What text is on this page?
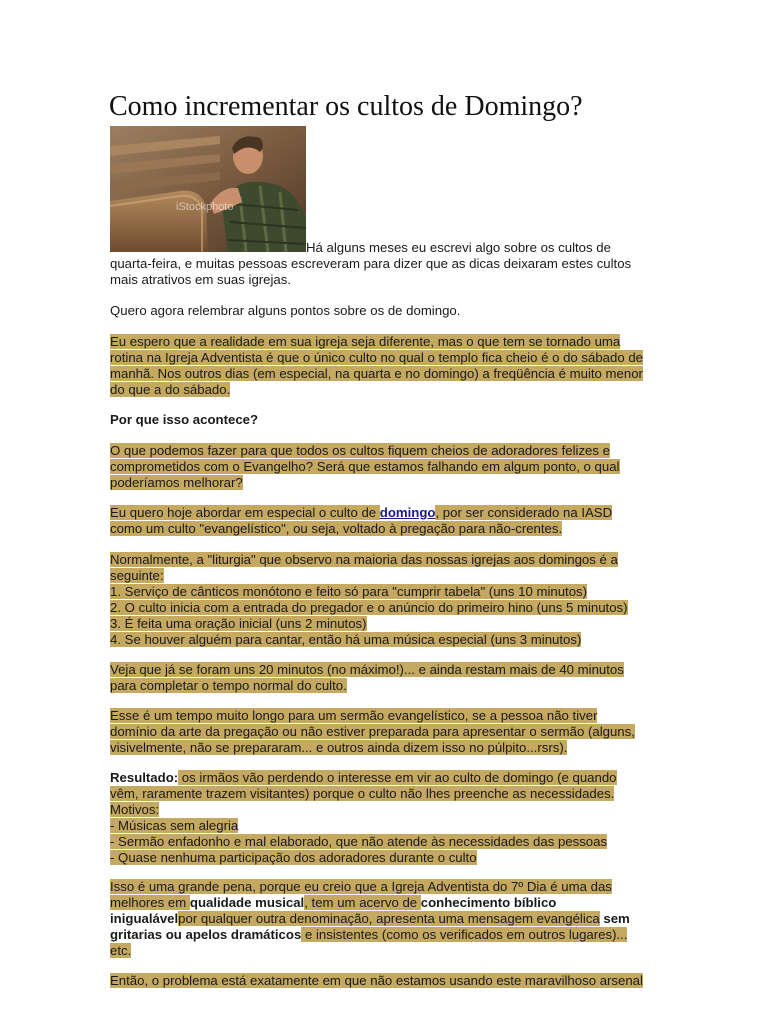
Como incrementar os cultos de Domingo?
iStockphoto
Há alguns meses eu escrevi algo sobre os cultos de
quarta-feira, e muitas pessoas escreveram para dizer que as dicas deixaram estes cultos
mais atrativos em suas igrejas.
Quero agora relembrar alguns pontos sobre os de domingo.
Eu espero que a realidade em sua igreja seja diferente, mas o que tem se tornado uma
rotina na Igreja Adventista é que o único culto no qual o templo fica cheio é o do sábado de
manhã. Nos outros dias (em especial, na quarta e no domingo) a freqüência é muito menor
do que a do sábado.
Por que isso acontece?
O que podemos fazer para que todos os cultos fiquem cheios de adoradores felizes e
comprometidos com o Evangelho? Será que estamos falhando em algum ponto, o qual
poderíamos melhorar?
Eu quero hoje abordar em especial o culto de domingo, por ser considerado na IASD
como um culto "evangelístico", ou seja, voltado à pregação para não-crentes.
Normalmente, a "liturgia" que observo na maioria das nossas igrejas aos domingos é a
seguinte:
1. Serviço de cânticos monótono e feito só para "cumprir tabela" (uns 10 minutos)
2. O culto inicia com a entrada do pregador e o anúncio do primeiro hino (uns 5 minutos)
3. É feita uma oração inicial (uns 2 minutos)
4. Se houver alguém para cantar, então há uma música especial (uns 3 minutos)
Veja que já se foram uns 20 minutos (no máximo!)... e ainda restam mais de 40 minutos
para completar o tempo normal do culto.
Esse é um tempo muito longo para um sermão evangelístico, se a pessoa não tiver
domínio da arte da pregação ou não estiver preparada para apresentar o sermão (alguns,
visivelmente, não se prepararam... e outros ainda dizem isso no púlpito...rsrs).
Resultado: os irmãos vão perdendo o interesse em vir ao culto de domingo (e quando
vêm, raramente trazem visitantes) porque o culto não lhes preenche as necessidades.
Motivos:
- Músicas sem alegria
- Sermão enfadonho e mal elaborado, que não atende às necessidades das pessoas
- Quase nenhuma participação dos adoradores durante o culto
Isso é uma grande pena, porque eu creio que a Igreja Adventista do 7º Dia é uma das
melhores em qualidade musical, tem um acervo de conhecimento bíblico
inigualávelpor qualquer outra denominação, apresenta uma mensagem evangélica sem
gritarias ou apelos dramáticos e insistentes (como os verificados em outros lugares)...
etc.
Então, o problema está exatamente em que não estamos usando este maravilhoso arsenal
